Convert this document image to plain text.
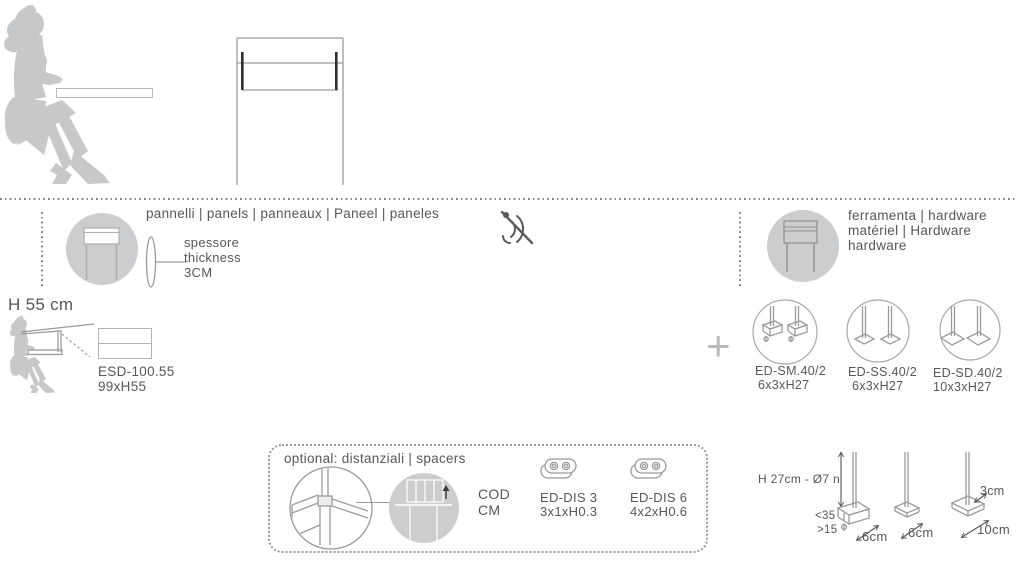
pannelli | panels | panneaux | Paneel | paneles
spessore
thickness
3CM
ferramenta | hardware
matériel | Hardware
hardware
H 55 cm
ESD-100.55
99xH55
+
ED-SM.40/2
6x3xH27
ED-SS.40/2
6x3xH27
ED-SD.40/2
10x3xH27
optional: distanziali | spacers
COD
CM
ED-DIS 3
3x1xH0.3
ED-DIS 6
4x2xH0.6
H 27cm - Ø7 n
<35
>15 6cm 6cm
3cm
10cm
